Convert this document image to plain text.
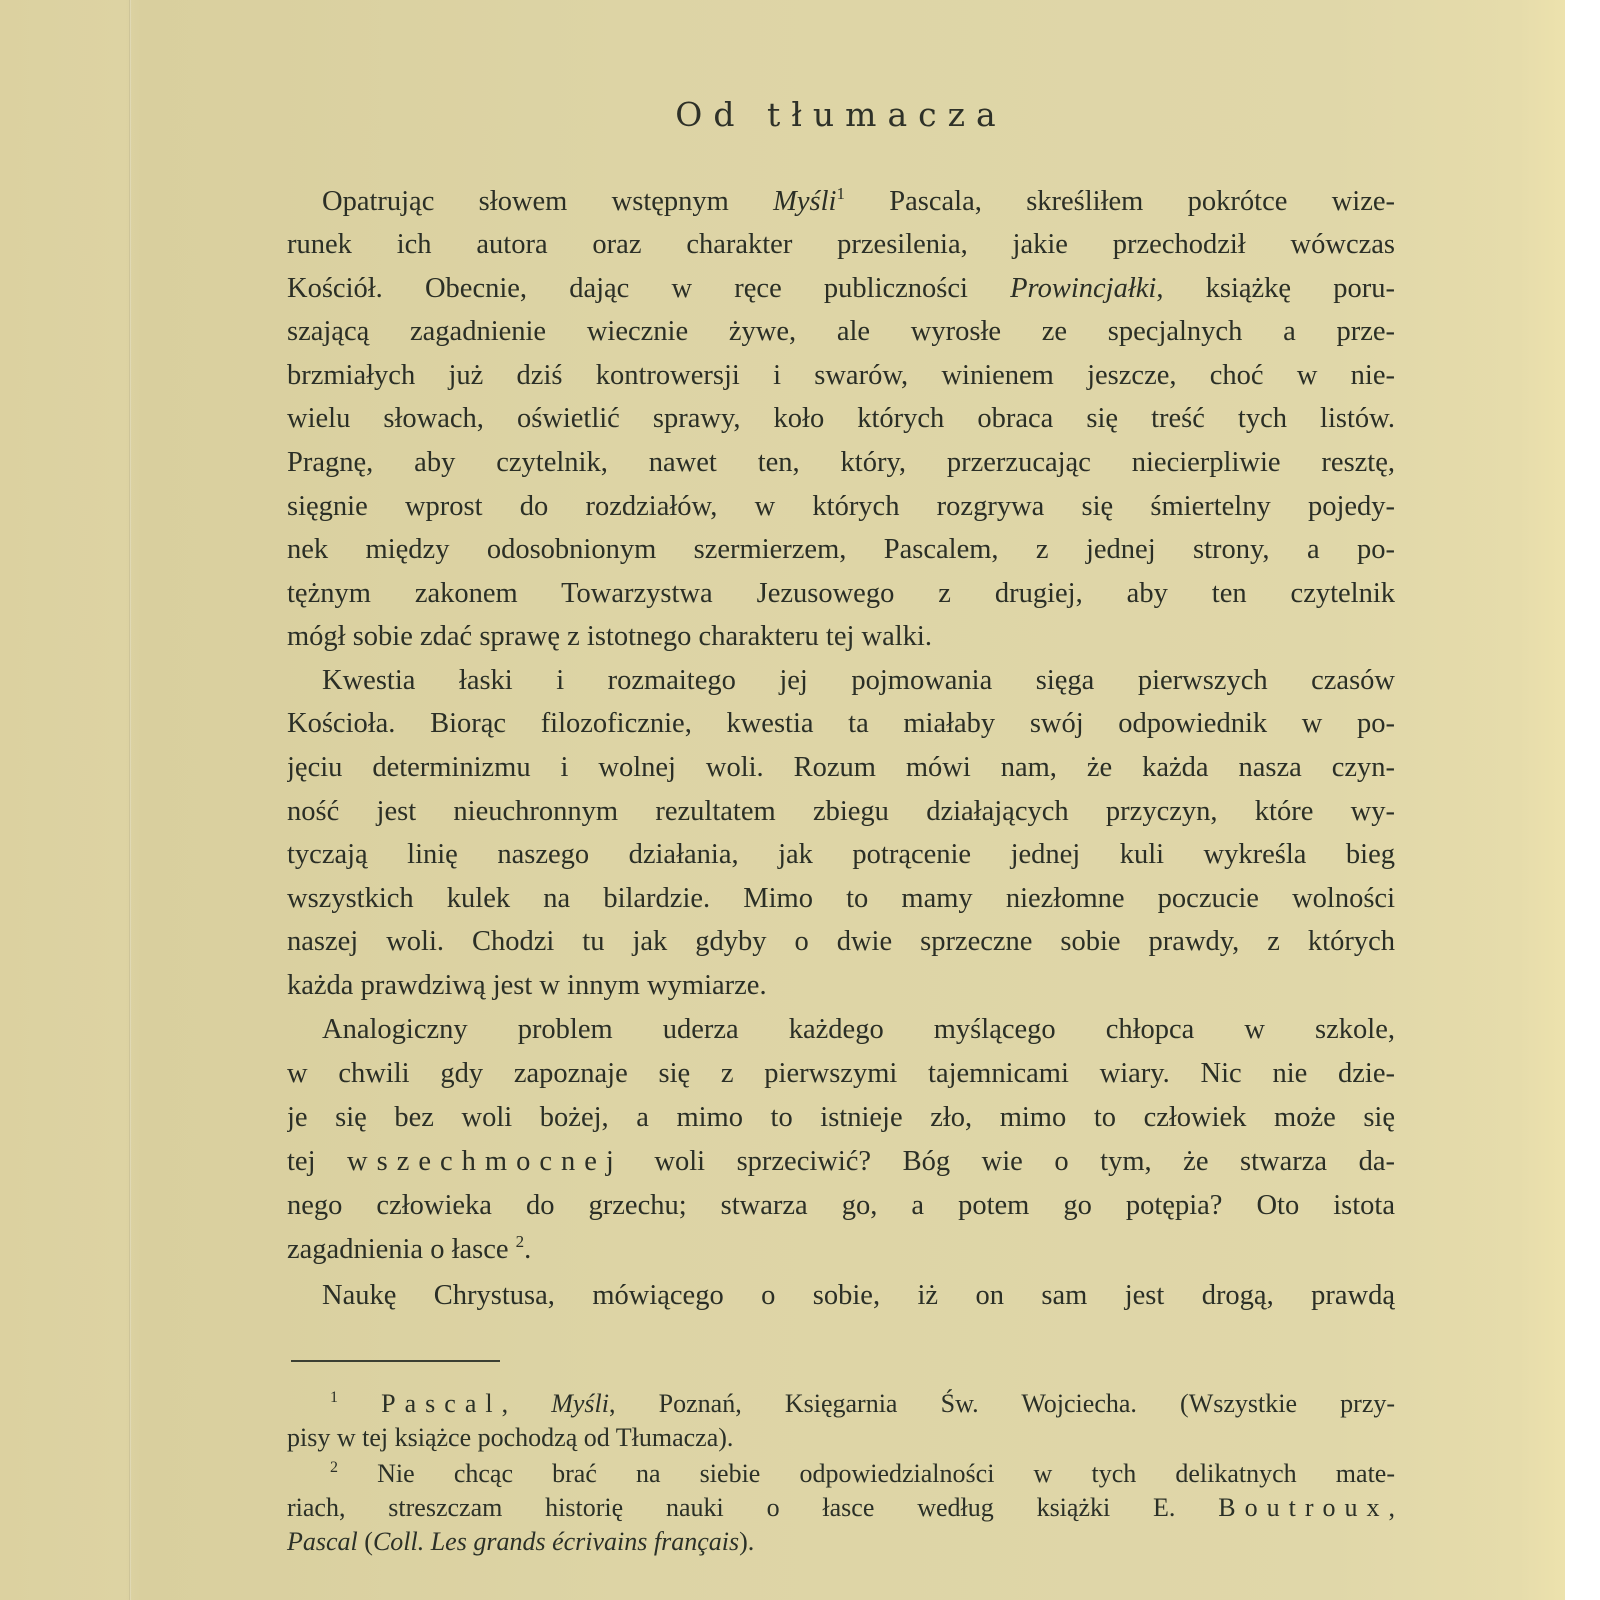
Od tłumacza
Opatrując słowem wstępnym Myśli$^1$ Pascala, skreśliłem pokrótce wize-
runek ich autora oraz charakter przesilenia, jakie przechodził wówczas
Kościół. Obecnie, dając w ręce publiczności Prowincjałki, książkę poru-
szającą zagadnienie wiecznie żywe, ale wyrosłe ze specjalnych a prze-
brzmiałych już dziś kontrowersji i swarów, winienem jeszcze, choć w nie-
wielu słowach, oświetlić sprawy, koło których obraca się treść tych listów.
Pragnę, aby czytelnik, nawet ten, który, przerzucając niecierpliwie resztę,
sięgnie wprost do rozdziałów, w których rozgrywa się śmiertelny pojedy-
nek między odosobnionym szermierzem, Pascalem, z jednej strony, a po-
tężnym zakonem Towarzystwa Jezusowego z drugiej, aby ten czytelnik
mógł sobie zdać sprawę z istotnego charakteru tej walki.
Kwestia łaski i rozmaitego jej pojmowania sięga pierwszych czasów
Kościoła. Biorąc filozoficznie, kwestia ta miałaby swój odpowiednik w po-
jęciu determinizmu i wolnej woli. Rozum mówi nam, że każda nasza czyn-
ność jest nieuchronnym rezultatem zbiegu działających przyczyn, które wy-
tyczają linię naszego działania, jak potrącenie jednej kuli wykreśla bieg
wszystkich kulek na bilardzie. Mimo to mamy niezłomne poczucie wolności
naszej woli. Chodzi tu jak gdyby o dwie sprzeczne sobie prawdy, z których
każda prawdziwą jest w innym wymiarze.
Analogiczny problem uderza każdego myślącego chłopca w szkole,
w chwili gdy zapoznaje się z pierwszymi tajemnicami wiary. Nic nie dzie-
je się bez woli bożej, a mimo to istnieje zło, mimo to człowiek może się
tej wszechmocnej woli sprzeciwić? Bóg wie o tym, że stwarza da-
nego człowieka do grzechu; stwarza go, a potem go potępia? Oto istota
zagadnienia o łasce $^2$.
Naukę Chrystusa, mówiącego o sobie, iż on sam jest drogą, prawdą
$^1$ Pascal, Myśli, Poznań, Księgarnia Św. Wojciecha. (Wszystkie przy-
pisy w tej książce pochodzą od Tłumacza).
$^2$ Nie chcąc brać na siebie odpowiedzialności w tych delikatnych mate-
riach, streszczam historię nauki o łasce według książki E. Boutroux,
Pascal (Coll. Les grands écrivains français).
